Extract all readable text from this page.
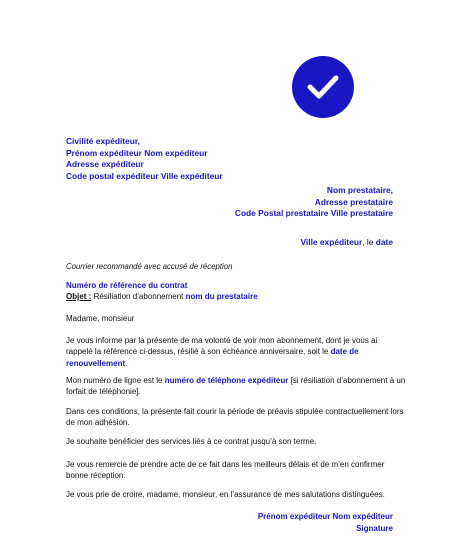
Civilité expéditeur,
Prénom expéditeur Nom expéditeur
Adresse expéditeur
Code postal expéditeur Ville expéditeur
Nom prestataire,
Adresse prestataire
Code Postal prestataire Ville prestataire
Ville expéditeur, le date
Courrier recommandé avec accusé de réception
Numéro de référence du contrat
Objet : Résiliation d’abonnement nom du prestataire

Madame, monsieur

Je vous informe par la présente de ma volonté de voir mon abonnement, dont je vous ai rappelé la référence ci-dessus, résilié à son échéance anniversaire, soit le date de renouvellement.

Mon numéro de ligne est le numéro de téléphone expéditeur [si résiliation d’abonnement à un forfait de téléphonie].

Dans ces conditions, la présente fait courir la période de préavis stipulée contractuellement lors de mon adhésion.

Je souhaite bénéficier des services liés à ce contrat jusqu’à son terme.

Je vous remercie de prendre acte de ce fait dans les meilleurs délais et de m’en confirmer bonne réception.

Je vous prie de croire, madame, monsieur, en l’assurance de mes salutations distinguées.

Prénom expéditeur Nom expéditeur
Signature
